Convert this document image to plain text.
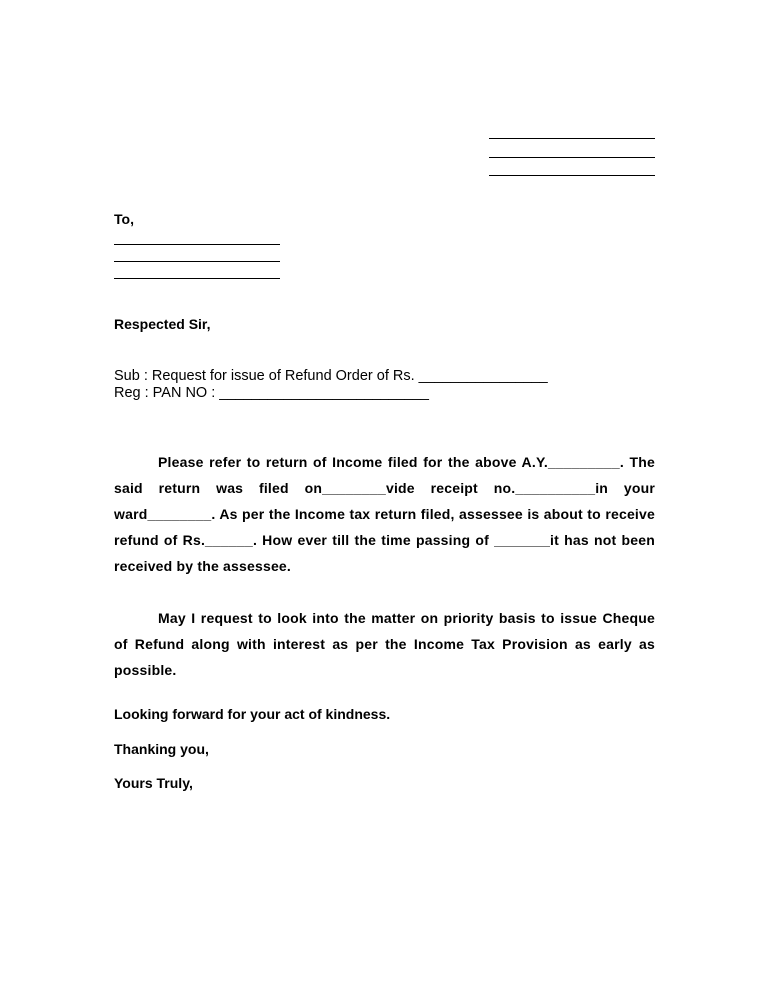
To,
Respected Sir,
Sub : Request for issue of Refund Order of Rs. ________________
Reg : PAN NO : __________________________
Please refer to return of Income filed for the above A.Y._________. The said return was filed on________vide receipt no.__________in your ward________. As per the Income tax return filed, assessee is about to receive refund of Rs.______. How ever till the time passing of _______it has not been received by the assessee.
May I request to look into the matter on priority basis to issue Cheque of Refund along with interest as per the Income Tax Provision as early as possible.
Looking forward for your act of kindness.
Thanking you,
Yours Truly,
